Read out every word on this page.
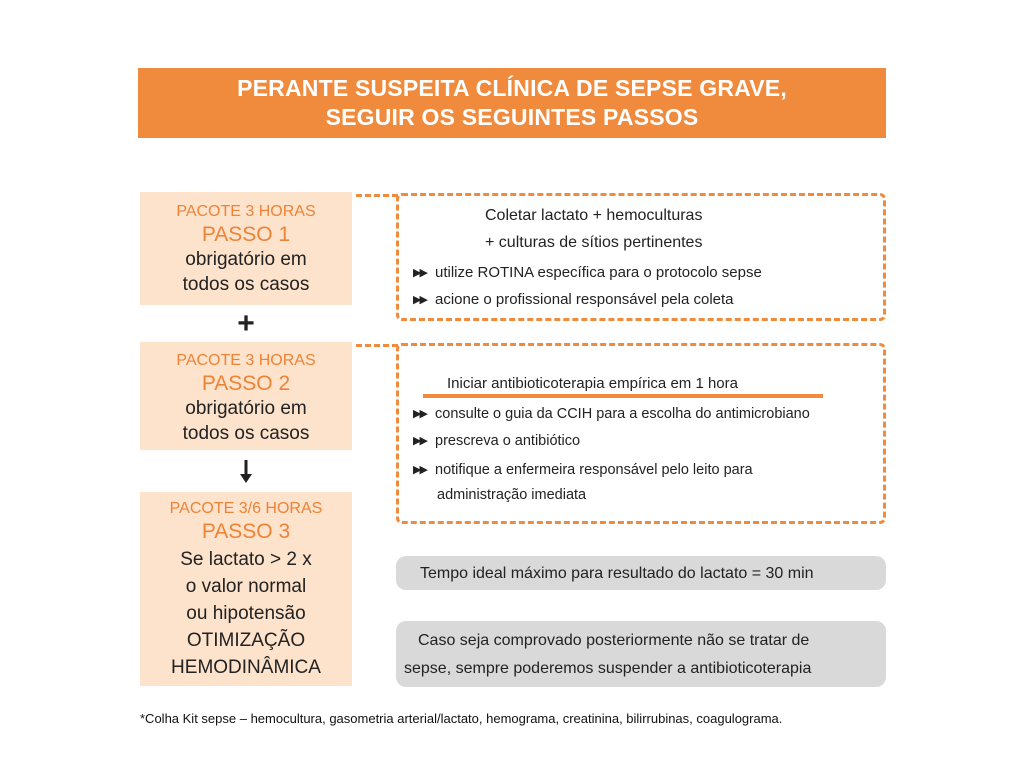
PERANTE SUSPEITA CLÍNICA DE SEPSE GRAVE,
SEGUIR OS SEGUINTES PASSOS
PACOTE 3 HORAS
PASSO 1
obrigatório em
todos os casos
+
PACOTE 3 HORAS
PASSO 2
obrigatório em
todos os casos
PACOTE 3/6 HORAS
PASSO 3
Se lactato > 2 x
o valor normal
ou hipotensão
OTIMIZAÇÃO
HEMODINÂMICA
Coletar lactato + hemoculturas
+ culturas de sítios pertinentes
▶▶ utilize ROTINA específica para o protocolo sepse
▶▶ acione o profissional responsável pela coleta
Iniciar antibioticoterapia empírica em 1 hora
▶▶ consulte o guia da CCIH para a escolha do antimicrobiano
▶▶ prescreva o antibiótico
▶▶ notifique a enfermeira responsável pelo leito para
administração imediata
Tempo ideal máximo para resultado do lactato = 30 min
Caso seja comprovado posteriormente não se tratar de
sepse, sempre poderemos suspender a antibioticoterapia
*Colha Kit sepse – hemocultura, gasometria arterial/lactato, hemograma, creatinina, bilirrubinas, coagulograma.
